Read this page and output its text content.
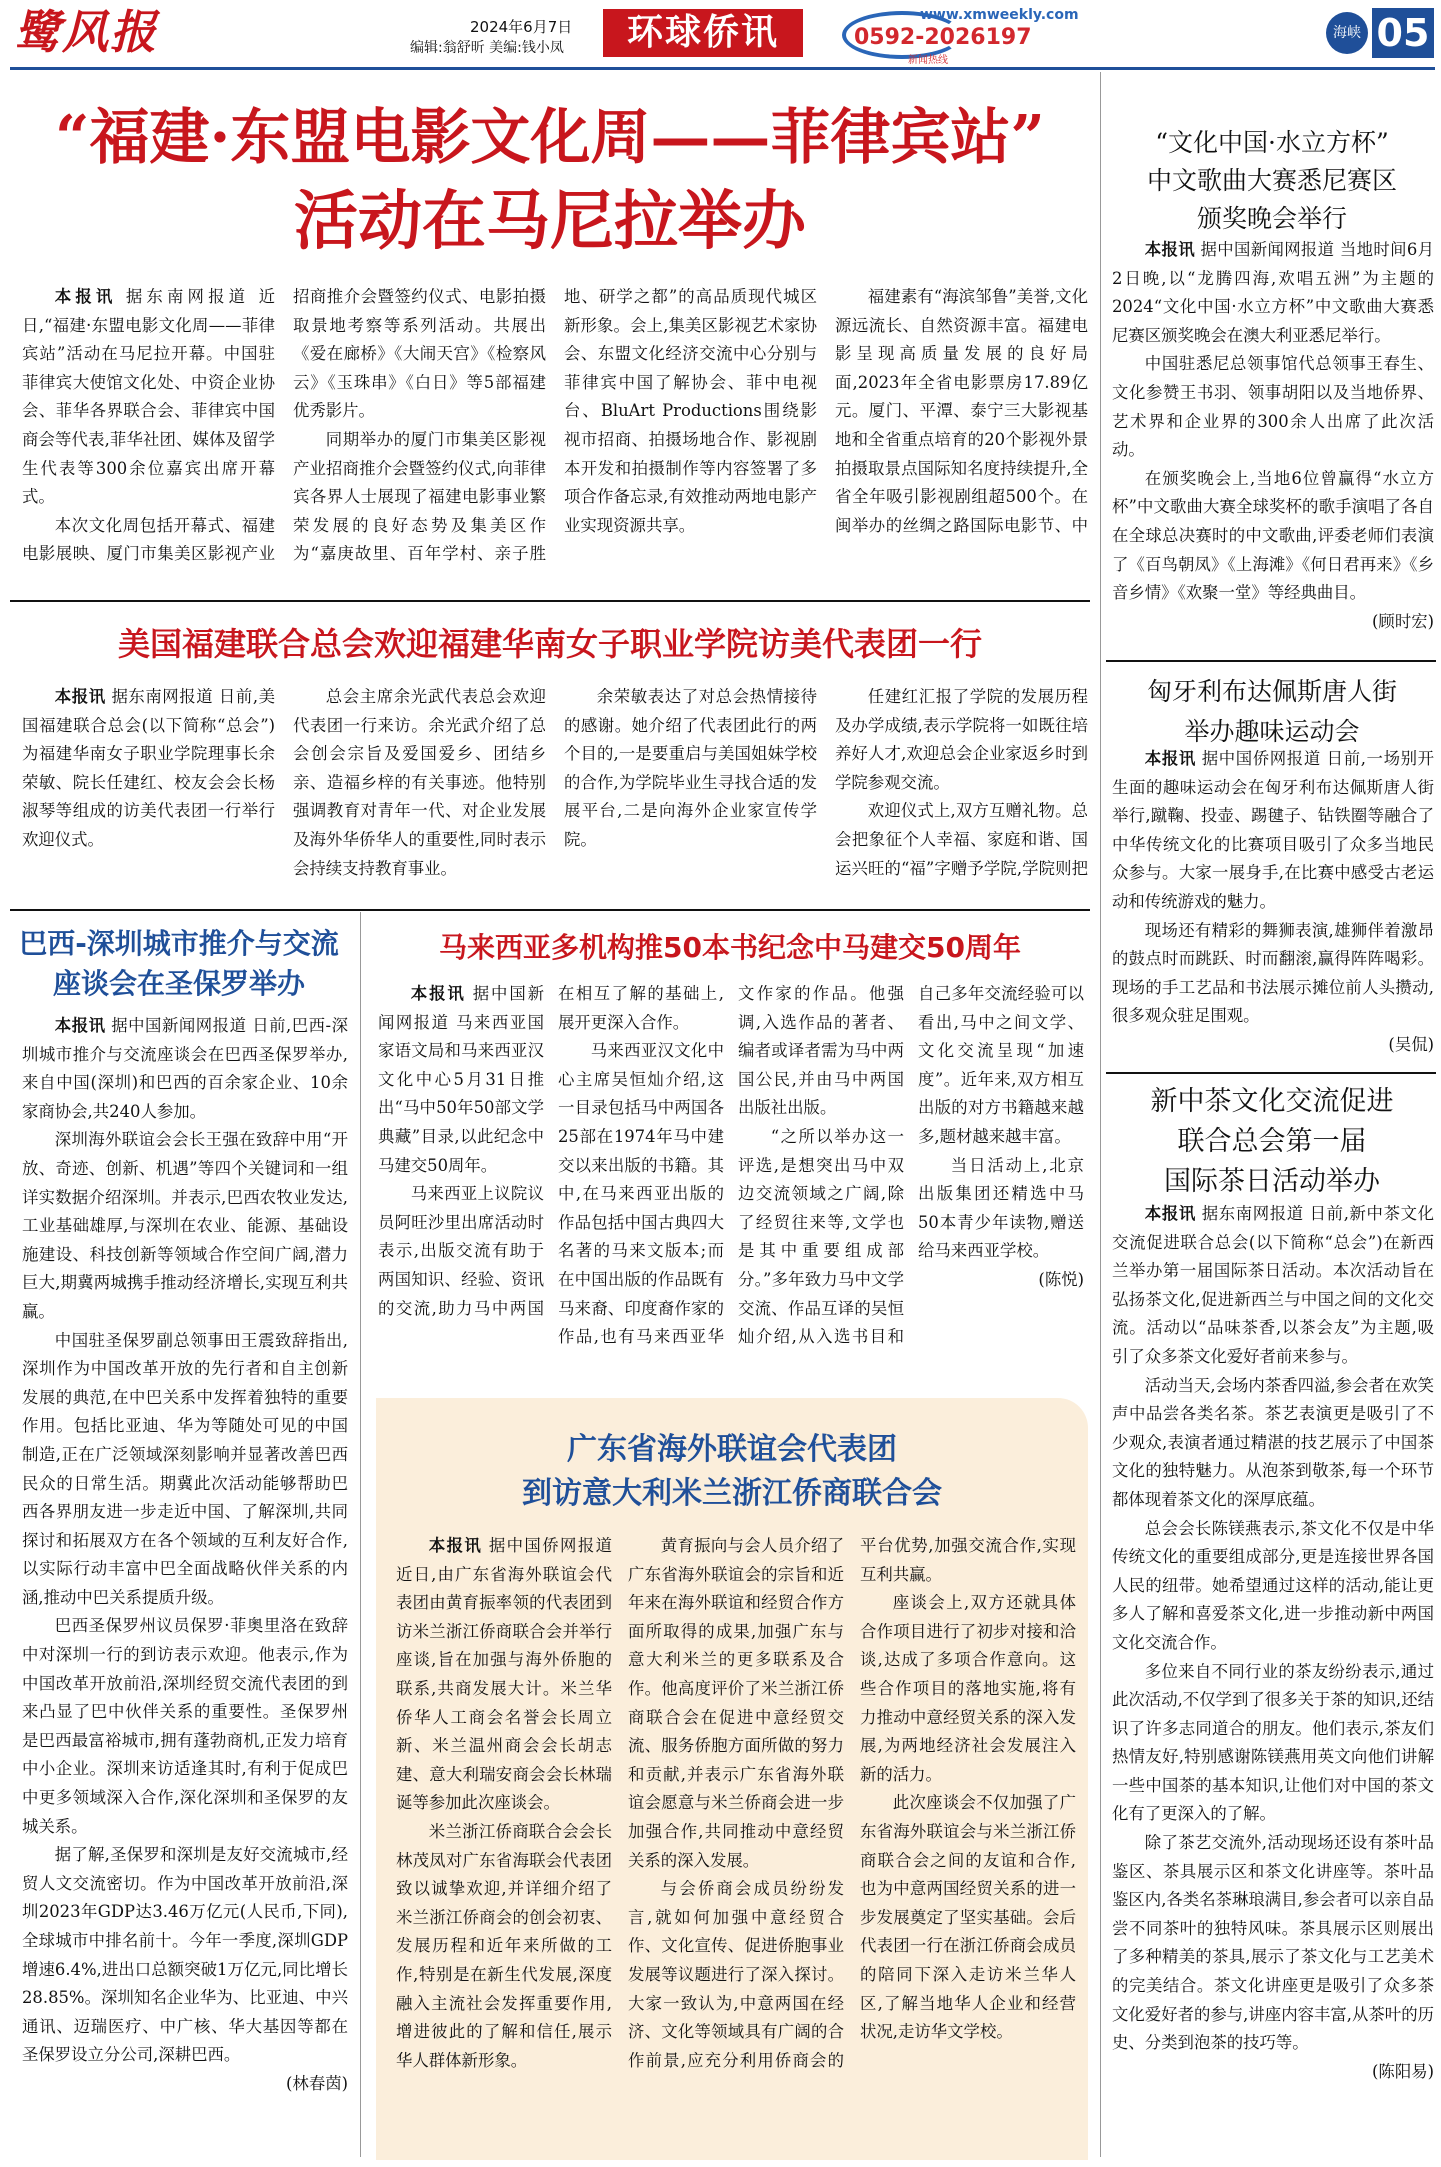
鹭风报	2024年6月7日
编辑:翁舒昕 美编:钱小凤	环球侨讯	www.xmweekly.com
0592-2026197
新闻热线
海峡 05
“福建·东盟电影文化周——菲律宾站”
活动在马尼拉举办

本报讯 据东南网报道 近日,“福建·东盟电影文化周——菲律宾站”活动在马尼拉开幕。中国驻菲律宾大使馆文化处、中资企业协会、菲华各界联合会、菲律宾中国商会等代表,菲华社团、媒体及留学生代表等300余位嘉宾出席开幕式。

本次文化周包括开幕式、福建电影展映、厦门市集美区影视产业招商推介会暨签约仪式、电影拍摄取景地考察等系列活动。共展出《爱在廊桥》《大闹天宫》《检察风云》《玉珠串》《白日》等5部福建优秀影片。

同期举办的厦门市集美区影视产业招商推介会暨签约仪式,向菲律宾各界人士展现了福建电影事业繁荣发展的良好态势及集美区作为“嘉庚故里、百年学村、亲子胜地、研学之都”的高品质现代城区新形象。会上,集美区影视艺术家协会、东盟文化经济交流中心分别与菲律宾中国了解协会、菲中电视台、BluArt Productions围绕影视市招商、拍摄场地合作、影视剧本开发和拍摄制作等内容签署了多项合作备忘录,有效推动两地电影产业实现资源共享。

福建素有“海滨邹鲁”美誉,文化源远流长、自然资源丰富。福建电影呈现高质量发展的良好局面,2023年全省电影票房17.89亿元。厦门、平潭、泰宁三大影视基地和全省重点培育的20个影视外景拍摄取景点国际知名度持续提升,全省全年吸引影视剧组超500个。在闽举办的丝绸之路国际电影节、中

美国福建联合总会欢迎福建华南女子职业学院访美代表团一行

本报讯 据东南网报道 日前,美国福建联合总会(以下简称“总会”)为福建华南女子职业学院理事长余荣敏、院长任建红、校友会会长杨淑琴等组成的访美代表团一行举行欢迎仪式。

总会主席余光武代表总会欢迎代表团一行来访。余光武介绍了总会创会宗旨及爱国爱乡、团结乡亲、造福乡梓的有关事迹。他特别强调教育对青年一代、对企业发展及海外华侨华人的重要性,同时表示会持续支持教育事业。

余荣敏表达了对总会热情接待的感谢。她介绍了代表团此行的两个目的,一是要重启与美国姐妹学校的合作,为学院毕业生寻找合适的发展平台,二是向海外企业家宣传学院。

任建红汇报了学院的发展历程及办学成绩,表示学院将一如既往培养好人才,欢迎总会企业家返乡时到学院参观交流。

欢迎仪式上,双方互赠礼物。总会把象征个人幸福、家庭和谐、国运兴旺的“福”字赠予学院,学院则把

巴西-深圳城市推介与交流
座谈会在圣保罗举办

本报讯 据中国新闻网报道 日前,巴西-深圳城市推介与交流座谈会在巴西圣保罗举办,来自中国(深圳)和巴西的百余家企业、10余家商协会,共240人参加。

深圳海外联谊会会长王强在致辞中用“开放、奇迹、创新、机遇”等四个关键词和一组详实数据介绍深圳。并表示,巴西农牧业发达,工业基础雄厚,与深圳在农业、能源、基础设施建设、科技创新等领域合作空间广阔,潜力巨大,期冀两城携手推动经济增长,实现互利共赢。

中国驻圣保罗副总领事田王震致辞指出,深圳作为中国改革开放的先行者和自主创新发展的典范,在中巴关系中发挥着独特的重要作用。包括比亚迪、华为等随处可见的中国制造,正在广泛领域深刻影响并显著改善巴西民众的日常生活。期冀此次活动能够帮助巴西各界朋友进一步走近中国、了解深圳,共同探讨和拓展双方在各个领域的互利友好合作,以实际行动丰富中巴全面战略伙伴关系的内涵,推动中巴关系提质升级。

巴西圣保罗州议员保罗·菲奥里洛在致辞中对深圳一行的到访表示欢迎。他表示,作为中国改革开放前沿,深圳经贸交流代表团的到来凸显了巴中伙伴关系的重要性。圣保罗州是巴西最富裕城市,拥有蓬勃商机,正发力培育中小企业。深圳来访适逢其时,有利于促成巴中更多领域深入合作,深化深圳和圣保罗的友城关系。

据了解,圣保罗和深圳是友好交流城市,经贸人文交流密切。作为中国改革开放前沿,深圳2023年GDP达3.46万亿元(人民币,下同),全球城市中排名前十。今年一季度,深圳GDP增速6.4%,进出口总额突破1万亿元,同比增长28.85%。深圳知名企业华为、比亚迪、中兴通讯、迈瑞医疗、中广核、华大基因等都在圣保罗设立分公司,深耕巴西。

(林春茵)

马来西亚多机构推50本书纪念中马建交50周年

本报讯 据中国新闻网报道 马来西亚国家语文局和马来西亚汉文化中心5月31日推出“马中50年50部文学典藏”目录,以此纪念中马建交50周年。

马来西亚上议院议员阿旺沙里出席活动时表示,出版交流有助于两国知识、经验、资讯的交流,助力马中两国在相互了解的基础上,展开更深入合作。

马来西亚汉文化中心主席吴恒灿介绍,这一目录包括马中两国各25部在1974年马中建交以来出版的书籍。其中,在马来西亚出版的作品包括中国古典四大名著的马来文版本;而在中国出版的作品既有马来裔、印度裔作家的作品,也有马来西亚华文作家的作品。他强调,入选作品的著者、编者或译者需为马中两国公民,并由马中两国出版社出版。

“之所以举办这一评选,是想突出马中双边交流领域之广阔,除了经贸往来等,文学也是其中重要组成部分。”多年致力马中文学交流、作品互译的吴恒灿介绍,从入选书目和自己多年交流经验可以看出,马中之间文学、文化交流呈现“加速度”。近年来,双方相互出版的对方书籍越来越多,题材越来越丰富。

当日活动上,北京出版集团还精选中马50本青少年读物,赠送给马来西亚学校。

(陈悦)

广东省海外联谊会代表团
到访意大利米兰浙江侨商联合会

本报讯 据中国侨网报道 近日,由广东省海外联谊会代表团由黄育振率领的代表团到访米兰浙江侨商联合会并举行座谈,旨在加强与海外侨胞的联系,共商发展大计。米兰华侨华人工商会名誉会长周立新、米兰温州商会会长胡志建、意大利瑞安商会会长林瑞诞等参加此次座谈会。

米兰浙江侨商联合会会长林茂凤对广东省海联会代表团致以诚挚欢迎,并详细介绍了米兰浙江侨商会的创会初衷、发展历程和近年来所做的工作,特别是在新生代发展,深度融入主流社会发挥重要作用,增进彼此的了解和信任,展示华人群体新形象。

黄育振向与会人员介绍了广东省海外联谊会的宗旨和近年来在海外联谊和经贸合作方面所取得的成果,加强广东与意大利米兰的更多联系及合作。他高度评价了米兰浙江侨商联合会在促进中意经贸交流、服务侨胞方面所做的努力和贡献,并表示广东省海外联谊会愿意与米兰侨商会进一步加强合作,共同推动中意经贸关系的深入发展。

与会侨商会成员纷纷发言,就如何加强中意经贸合作、文化宣传、促进侨胞事业发展等议题进行了深入探讨。大家一致认为,中意两国在经济、文化等领域具有广阔的合作前景,应充分利用侨商会的平台优势,加强交流合作,实现互利共赢。

座谈会上,双方还就具体合作项目进行了初步对接和洽谈,达成了多项合作意向。这些合作项目的落地实施,将有力推动中意经贸关系的深入发展,为两地经济社会发展注入新的活力。

此次座谈会不仅加强了广东省海外联谊会与米兰浙江侨商联合会之间的友谊和合作,也为中意两国经贸关系的进一步发展奠定了坚实基础。会后代表团一行在浙江侨商会成员的陪同下深入走访米兰华人区,了解当地华人企业和经营状况,走访华文学校。

“文化中国·水立方杯”
中文歌曲大赛悉尼赛区
颁奖晚会举行

本报讯 据中国新闻网报道 当地时间6月2日晚,以“龙腾四海,欢唱五洲”为主题的2024“文化中国·水立方杯”中文歌曲大赛悉尼赛区颁奖晚会在澳大利亚悉尼举行。

中国驻悉尼总领事馆代总领事王春生、文化参赞王书羽、领事胡阳以及当地侨界、艺术界和企业界的300余人出席了此次活动。

在颁奖晚会上,当地6位曾赢得“水立方杯”中文歌曲大赛全球奖杯的歌手演唱了各自在全球总决赛时的中文歌曲,评委老师们表演了《百鸟朝凤》《上海滩》《何日君再来》《乡音乡情》《欢聚一堂》等经典曲目。

(顾时宏)

匈牙利布达佩斯唐人街
举办趣味运动会

本报讯 据中国侨网报道 日前,一场别开生面的趣味运动会在匈牙利布达佩斯唐人街举行,蹴鞠、投壶、踢毽子、钻铁圈等融合了中华传统文化的比赛项目吸引了众多当地民众参与。大家一展身手,在比赛中感受古老运动和传统游戏的魅力。

现场还有精彩的舞狮表演,雄狮伴着激昂的鼓点时而跳跃、时而翻滚,赢得阵阵喝彩。现场的手工艺品和书法展示摊位前人头攒动,很多观众驻足围观。

(吴侃)

新中茶文化交流促进
联合总会第一届
国际茶日活动举办

本报讯 据东南网报道 日前,新中茶文化交流促进联合总会(以下简称“总会”)在新西兰举办第一届国际茶日活动。本次活动旨在弘扬茶文化,促进新西兰与中国之间的文化交流。活动以“品味茶香,以茶会友”为主题,吸引了众多茶文化爱好者前来参与。

活动当天,会场内茶香四溢,参会者在欢笑声中品尝各类名茶。茶艺表演更是吸引了不少观众,表演者通过精湛的技艺展示了中国茶文化的独特魅力。从泡茶到敬茶,每一个环节都体现着茶文化的深厚底蕴。

总会会长陈镁燕表示,茶文化不仅是中华传统文化的重要组成部分,更是连接世界各国人民的纽带。她希望通过这样的活动,能让更多人了解和喜爱茶文化,进一步推动新中两国文化交流合作。

多位来自不同行业的茶友纷纷表示,通过此次活动,不仅学到了很多关于茶的知识,还结识了许多志同道合的朋友。他们表示,茶友们热情友好,特别感谢陈镁燕用英文向他们讲解一些中国茶的基本知识,让他们对中国的茶文化有了更深入的了解。

除了茶艺交流外,活动现场还设有茶叶品鉴区、茶具展示区和茶文化讲座等。茶叶品鉴区内,各类名茶琳琅满目,参会者可以亲自品尝不同茶叶的独特风味。茶具展示区则展出了多种精美的茶具,展示了茶文化与工艺美术的完美结合。茶文化讲座更是吸引了众多茶文化爱好者的参与,讲座内容丰富,从茶叶的历史、分类到泡茶的技巧等。

(陈阳易)
